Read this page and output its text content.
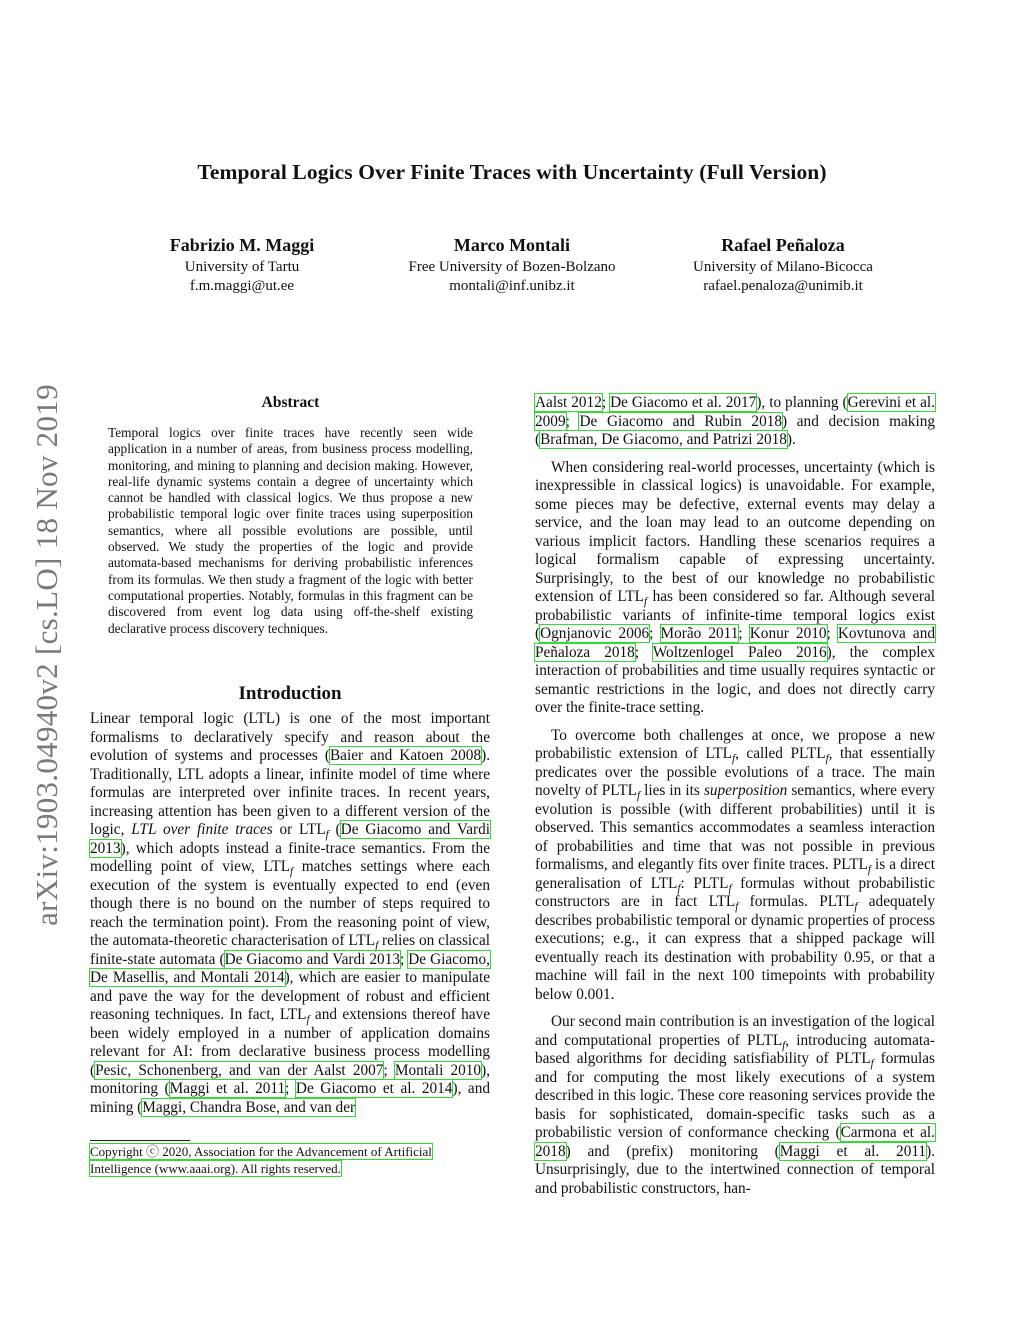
Temporal Logics Over Finite Traces with Uncertainty (Full Version)
Fabrizio M. Maggi
University of Tartu
f.m.maggi@ut.ee
Marco Montali
Free University of Bozen-Bolzano
montali@inf.unibz.it
Rafael Peñaloza
University of Milano-Bicocca
rafael.penaloza@unimib.it
arXiv:1903.04940v2 [cs.LO] 18 Nov 2019	Abstract
Temporal logics over finite traces have recently seen wide application in a number of areas, from business process modelling, monitoring, and mining to planning and decision making. However, real-life dynamic systems contain a degree of uncertainty which cannot be handled with classical logics. We thus propose a new probabilistic temporal logic over finite traces using superposition semantics, where all possible evolutions are possible, until observed. We study the properties of the logic and provide automata-based mechanisms for deriving probabilistic inferences from its formulas. We then study a fragment of the logic with better computational properties. Notably, formulas in this fragment can be discovered from event log data using off-the-shelf existing declarative process discovery techniques.
Introduction

Linear temporal logic (LTL) is one of the most important formalisms to declaratively specify and reason about the evolution of systems and processes (Baier and Katoen 2008). Traditionally, LTL adopts a linear, infinite model of time where formulas are interpreted over infinite traces. In recent years, increasing attention has been given to a different version of the logic, LTL over finite traces or $LTL_f$ (De Giacomo and Vardi 2013), which adopts instead a finite-trace semantics. From the modelling point of view, $LTL_f$ matches settings where each execution of the system is eventually expected to end (even though there is no bound on the number of steps required to reach the termination point). From the reasoning point of view, the automata-theoretic characterisation of $LTL_f$ relies on classical finite-state automata (De Giacomo and Vardi 2013; De Giacomo, De Masellis, and Montali 2014), which are easier to manipulate and pave the way for the development of robust and efficient reasoning techniques. In fact, $LTL_f$ and extensions thereof have been widely employed in a number of application domains relevant for AI: from declarative business process modelling (Pesic, Schonenberg, and van der Aalst 2007; Montali 2010), monitoring (Maggi et al. 2011; De Giacomo et al. 2014), and mining (Maggi, Chandra Bose, and van der

Copyright ⓒ 2020, Association for the Advancement of Artificial
Intelligence (www.aaai.org). All rights reserved.

Aalst 2012; De Giacomo et al. 2017), to planning (Gerevini et al. 2009; De Giacomo and Rubin 2018) and decision making (Brafman, De Giacomo, and Patrizi 2018).

When considering real-world processes, uncertainty (which is inexpressible in classical logics) is unavoidable. For example, some pieces may be defective, external events may delay a service, and the loan may lead to an outcome depending on various implicit factors. Handling these scenarios requires a logical formalism capable of expressing uncertainty. Surprisingly, to the best of our knowledge no probabilistic extension of $LTL_f$ has been considered so far. Although several probabilistic variants of infinite-time temporal logics exist (Ognjanovic 2006; Morão 2011; Konur 2010; Kovtunova and Peñaloza 2018; Woltzenlogel Paleo 2016), the complex interaction of probabilities and time usually requires syntactic or semantic restrictions in the logic, and does not directly carry over the finite-trace setting.

To overcome both challenges at once, we propose a new probabilistic extension of $LTL_f$, called $PLTL_f$, that essentially predicates over the possible evolutions of a trace. The main novelty of $PLTL_f$ lies in its superposition semantics, where every evolution is possible (with different probabilities) until it is observed. This semantics accommodates a seamless interaction of probabilities and time that was not possible in previous formalisms, and elegantly fits over finite traces. $PLTL_f$ is a direct generalisation of $LTL_f$: $PLTL_f$ formulas without probabilistic constructors are in fact $LTL_f$ formulas. $PLTL_f$ adequately describes probabilistic temporal or dynamic properties of process executions; e.g., it can express that a shipped package will eventually reach its destination with probability 0.95, or that a machine will fail in the next 100 timepoints with probability below 0.001.

Our second main contribution is an investigation of the logical and computational properties of $PLTL_f$, introducing automata-based algorithms for deciding satisfiability of $PLTL_f$ formulas and for computing the most likely executions of a system described in this logic. These core reasoning services provide the basis for sophisticated, domain-specific tasks such as a probabilistic version of conformance checking (Carmona et al. 2018) and (prefix) monitoring (Maggi et al. 2011). Unsurprisingly, due to the intertwined connection of temporal and probabilistic constructors, han-
